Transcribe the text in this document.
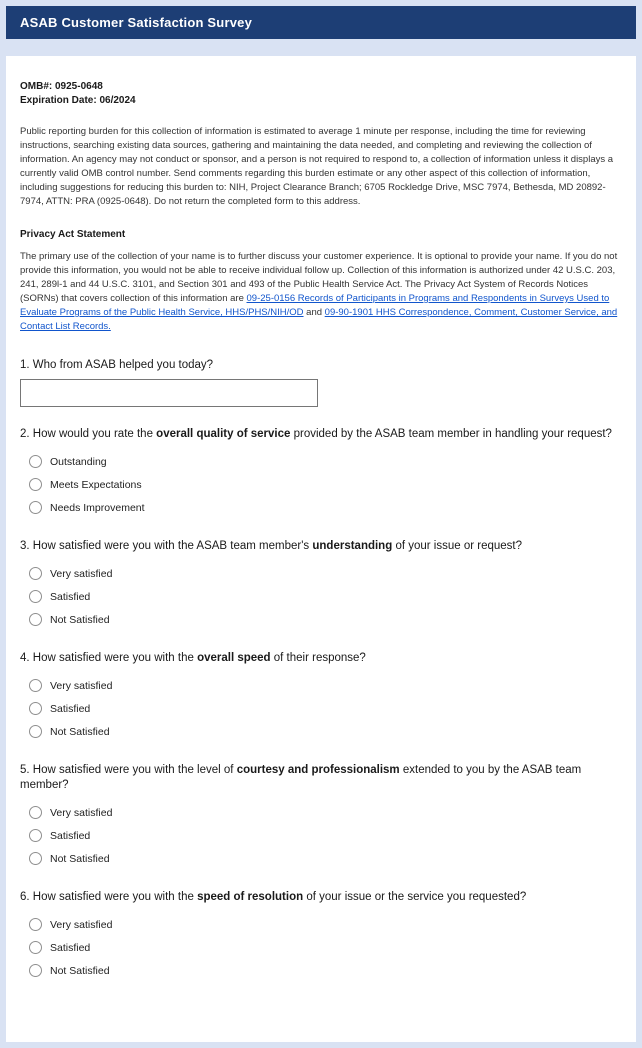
ASAB Customer Satisfaction Survey

OMB#: 0925-0648

Expiration Date: 06/2024

Public reporting burden for this collection of information is estimated to average 1 minute per response, including the time for reviewing instructions, searching existing data sources, gathering and maintaining the data needed, and completing and reviewing the collection of information. An agency may not conduct or sponsor, and a person is not required to respond to, a collection of information unless it displays a currently valid OMB control number. Send comments regarding this burden estimate or any other aspect of this collection of information, including suggestions for reducing this burden to: NIH, Project Clearance Branch; 6705 Rockledge Drive, MSC 7974, Bethesda, MD 20892-7974, ATTN: PRA (0925-0648). Do not return the completed form to this address.

Privacy Act Statement

The primary use of the collection of your name is to further discuss your customer experience. It is optional to provide your name. If you do not provide this information, you would not be able to receive individual follow up. Collection of this information is authorized under 42 U.S.C. 203, 241, 289l-1 and 44 U.S.C. 3101, and Section 301 and 493 of the Public Health Service Act. The Privacy Act System of Records Notices (SORNs) that covers collection of this information are 09-25-0156 Records of Participants in Programs and Respondents in Surveys Used to Evaluate Programs of the Public Health Service, HHS/PHS/NIH/OD and 09-90-1901 HHS Correspondence, Comment, Customer Service, and Contact List Records.

1. Who from ASAB helped you today?

2. How would you rate the overall quality of service provided by the ASAB team member in handling your request?

Outstanding
Meets Expectations
Needs Improvement

3. How satisfied were you with the ASAB team member's understanding of your issue or request?

Very satisfied
Satisfied
Not Satisfied

4. How satisfied were you with the overall speed of their response?

Very satisfied
Satisfied
Not Satisfied

5. How satisfied were you with the level of courtesy and professionalism extended to you by the ASAB team member?

Very satisfied
Satisfied
Not Satisfied

6. How satisfied were you with the speed of resolution of your issue or the service you requested?

Very satisfied
Satisfied
Not Satisfied
